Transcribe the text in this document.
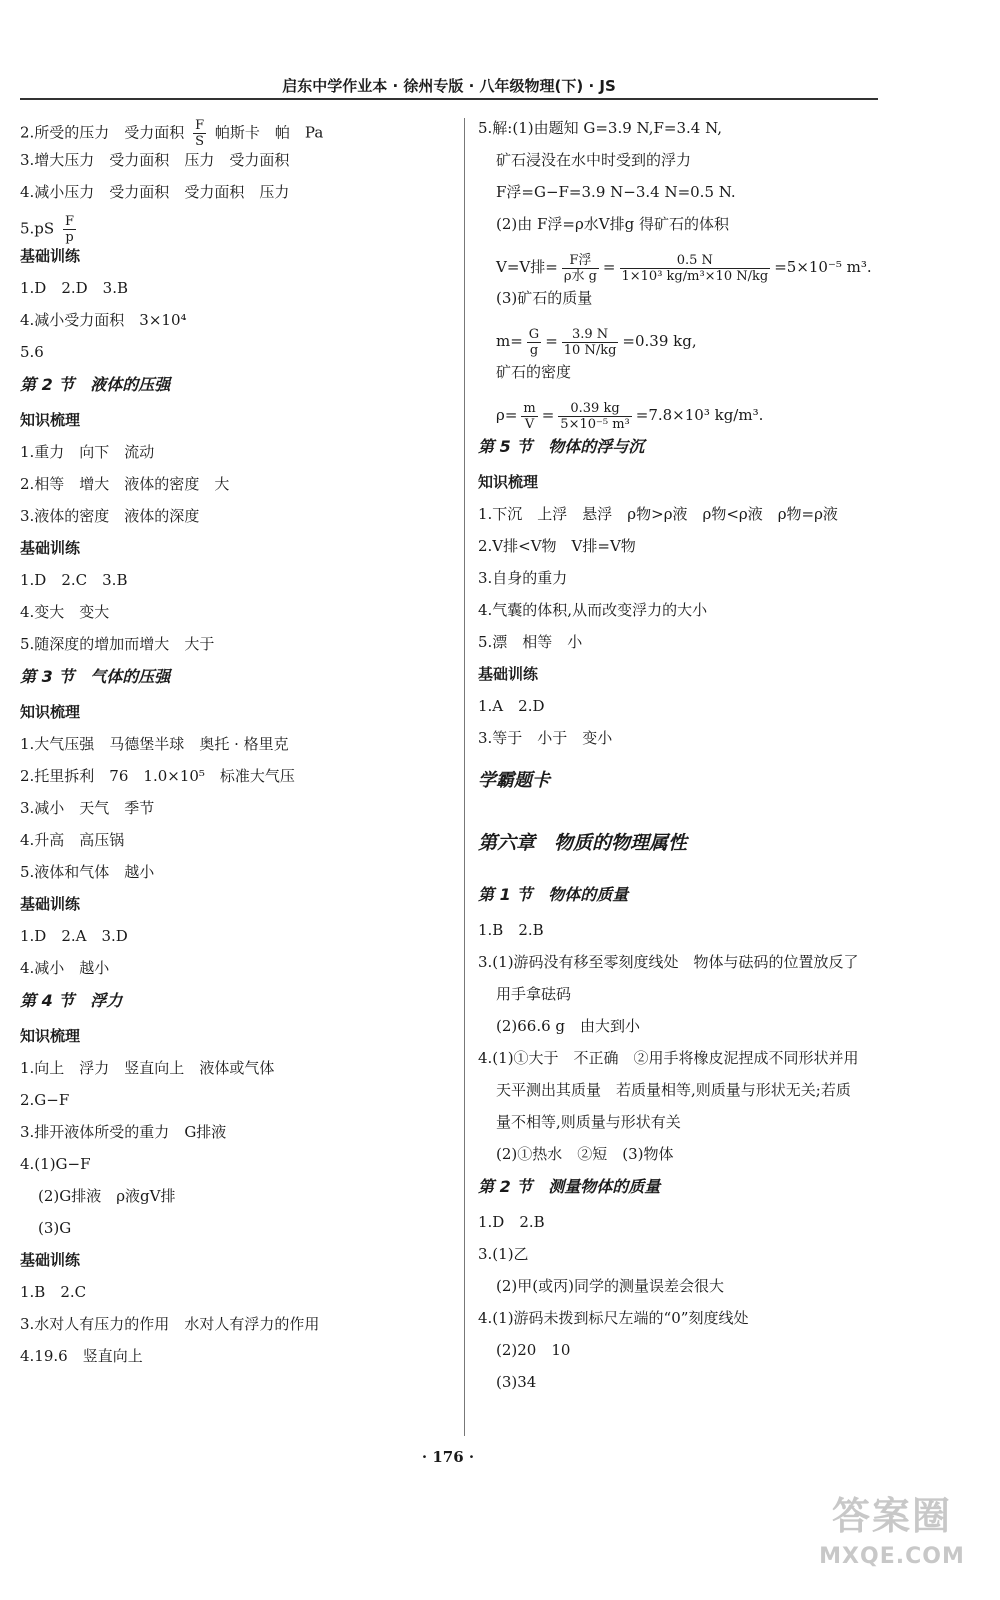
启东中学作业本 · 徐州专版 · 八年级物理(下) · JS
2.所受的压力　受力面积 $\frac{F}{S}$ 帕斯卡　帕　Pa
3.增大压力　受力面积　压力　受力面积
4.减小压力　受力面积　受力面积　压力
$5.pS \frac{F}{p}$
基础训练
1.D　2.D　3.B
4.减小受力面积　3×10⁴
5.6
第 2 节　液体的压强
知识梳理
1.重力　向下　流动
2.相等　增大　液体的密度　大
3.液体的密度　液体的深度
基础训练
1.D　2.C　3.B
4.变大　变大
5.随深度的增加而增大　大于
第 3 节　气体的压强
知识梳理
1.大气压强　马德堡半球　奥托 · 格里克
2.托里拆利　76　1.0×10⁵　标准大气压
3.减小　天气　季节
4.升高　高压锅
5.液体和气体　越小
基础训练
1.D　2.A　3.D
4.减小　越小
第 4 节　浮力
知识梳理
1.向上　浮力　竖直向上　液体或气体
2.G−F
3.排开液体所受的重力　G排液
4.(1)G−F
(2)G排液　ρ液gV排
(3)G
基础训练
1.B　2.C
3.水对人有压力的作用　水对人有浮力的作用
4.19.6　竖直向上
5.解:(1)由题知 G=3.9 N,F=3.4 N,
矿石浸没在水中时受到的浮力
F浮=G−F=3.9 N−3.4 N=0.5 N.
(2)由 F浮=ρ水V排g 得矿石的体积
V=V排= $\frac{\text{F浮}}{\text{ρ水 g}} = \frac{0.5 N}{\text{1×10³ kg/m³×10 N/kg}} =5\times 10^{-5}$ m³.
(3)矿石的质量
$m= \frac{G}{g} = \frac{3.9 N}{10 N/kg} =0.39$ kg,
矿石的密度
$\rho= \frac{m}{V} = \frac{0.39 kg}{\text{5×10⁻⁵ m³}} =7.8\times 10^3$ kg/m³.
第 5 节　物体的浮与沉
知识梳理
1.下沉　上浮　悬浮　ρ物>ρ液　ρ物<ρ液　ρ物=ρ液
2.V排<V物　V排=V物
3.自身的重力
4.气囊的体积,从而改变浮力的大小
5.漂　相等　小
基础训练
1.A　2.D
3.等于　小于　变小
学霸题卡
第六章　物质的物理属性
第 1 节　物体的质量
1.B　2.B
3.(1)游码没有移至零刻度线处　物体与砝码的位置放反了
用手拿砝码
(2)66.6 g　由大到小
4.(1)①大于　不正确　②用手将橡皮泥捏成不同形状并用
天平测出其质量　若质量相等,则质量与形状无关;若质
量不相等,则质量与形状有关
(2)①热水　②短　(3)物体
第 2 节　测量物体的质量
1.D　2.B
3.(1)乙
(2)甲(或丙)同学的测量误差会很大
4.(1)游码未拨到标尺左端的“0”刻度线处
(2)20　10
(3)34
· 176 ·
答案圈
MXQE.COM
